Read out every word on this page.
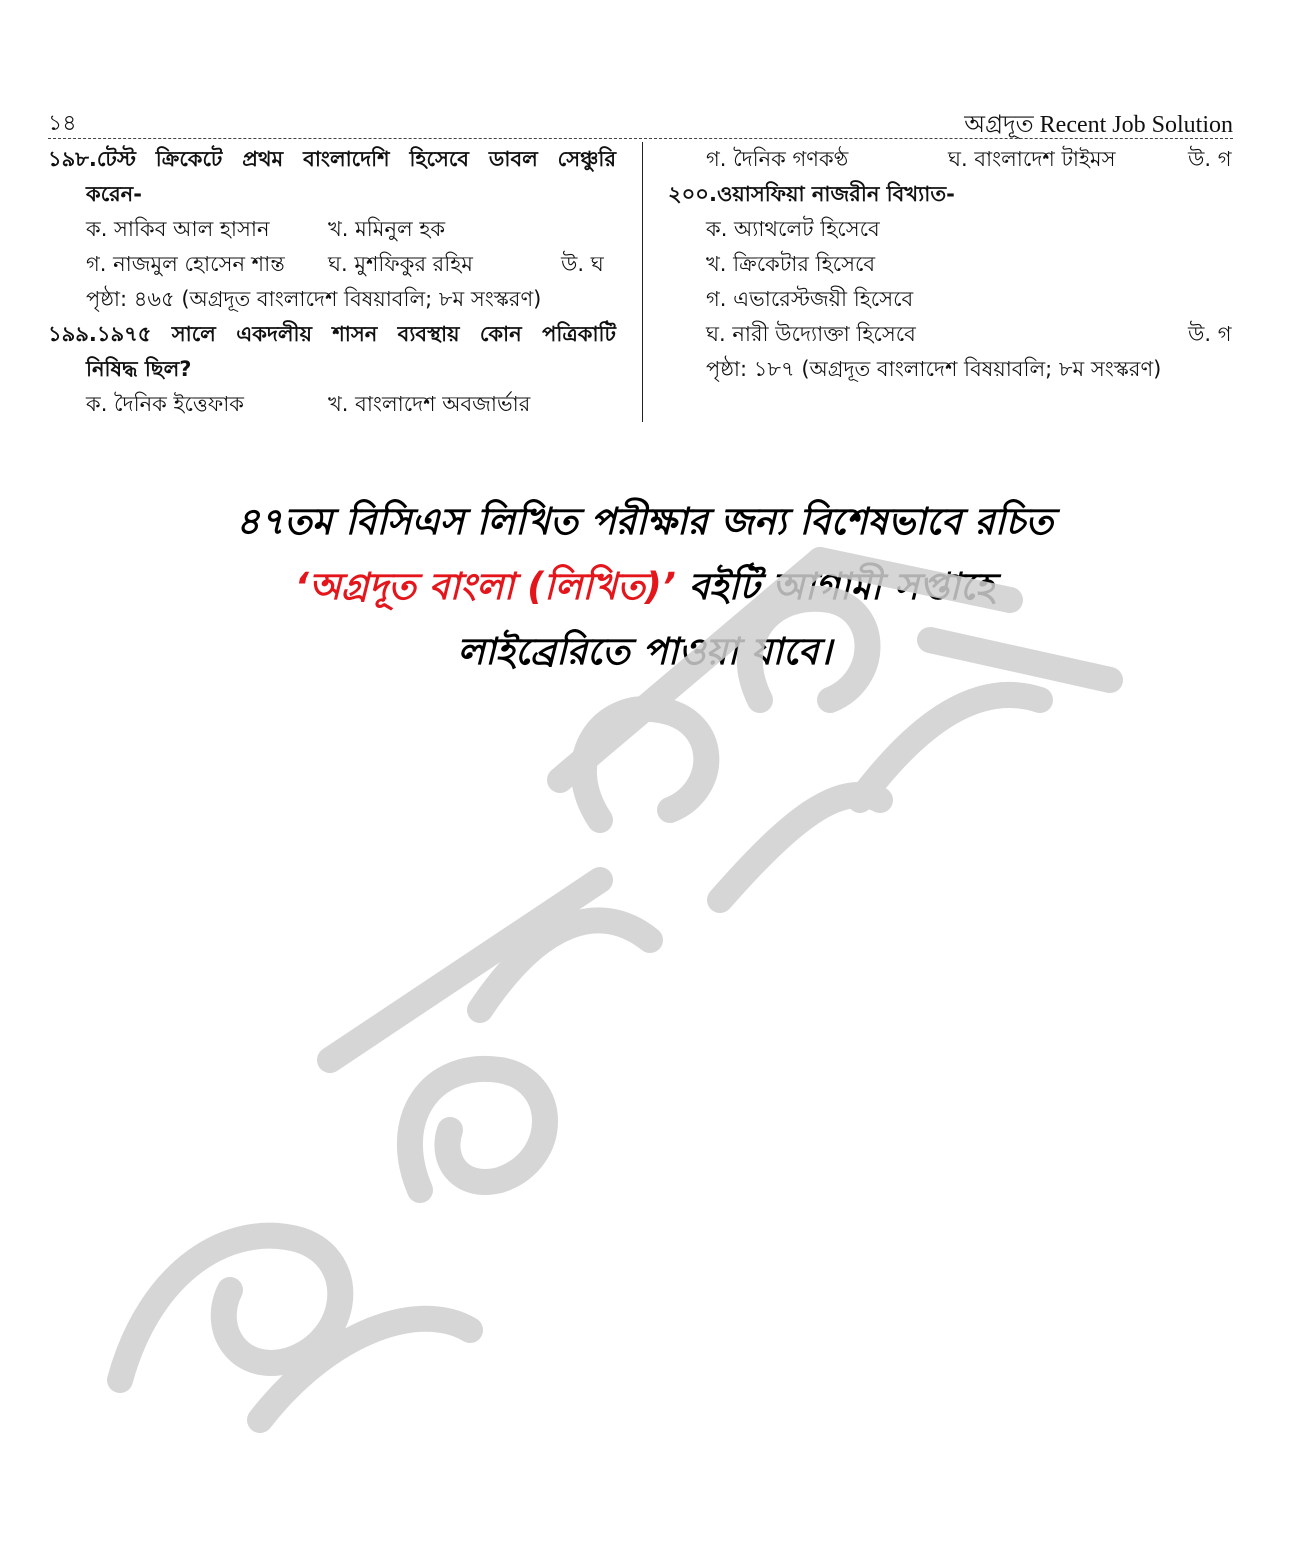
১৪	অগ্রদূত Recent Job Solution
১৯৮.টেস্ট ক্রিকেটে প্রথম বাংলাদেশি হিসেবে ডাবল সেঞ্চুরি
করেন-
ক. সাকিব আল হাসান	খ. মমিনুল হক
গ. নাজমুল হোসেন শান্ত	ঘ. মুশফিকুর রহিম	উ. ঘ
পৃষ্ঠা: ৪৬৫ (অগ্রদূত বাংলাদেশ বিষয়াবলি; ৮ম সংস্করণ)
১৯৯.১৯৭৫ সালে একদলীয় শাসন ব্যবস্থায় কোন পত্রিকাটি
নিষিদ্ধ ছিল?
ক. দৈনিক ইত্তেফাক	খ. বাংলাদেশ অবজার্ভার
গ. দৈনিক গণকণ্ঠ	ঘ. বাংলাদেশ টাইমস	উ. গ
২০০.ওয়াসফিয়া নাজরীন বিখ্যাত-
ক. অ্যাথলেট হিসেবে
খ. ক্রিকেটার হিসেবে
গ. এভারেস্টজয়ী হিসেবে
ঘ. নারী উদ্যোক্তা হিসেবে	উ. গ
পৃষ্ঠা: ১৮৭ (অগ্রদূত বাংলাদেশ বিষয়াবলি; ৮ম সংস্করণ)
৪৭তম বিসিএস লিখিত পরীক্ষার জন্য বিশেষভাবে রচিত
‘অগ্রদূত বাংলা (লিখিত)’ বইটি আগামী সপ্তাহে
লাইব্রেরিতে পাওয়া যাবে।
